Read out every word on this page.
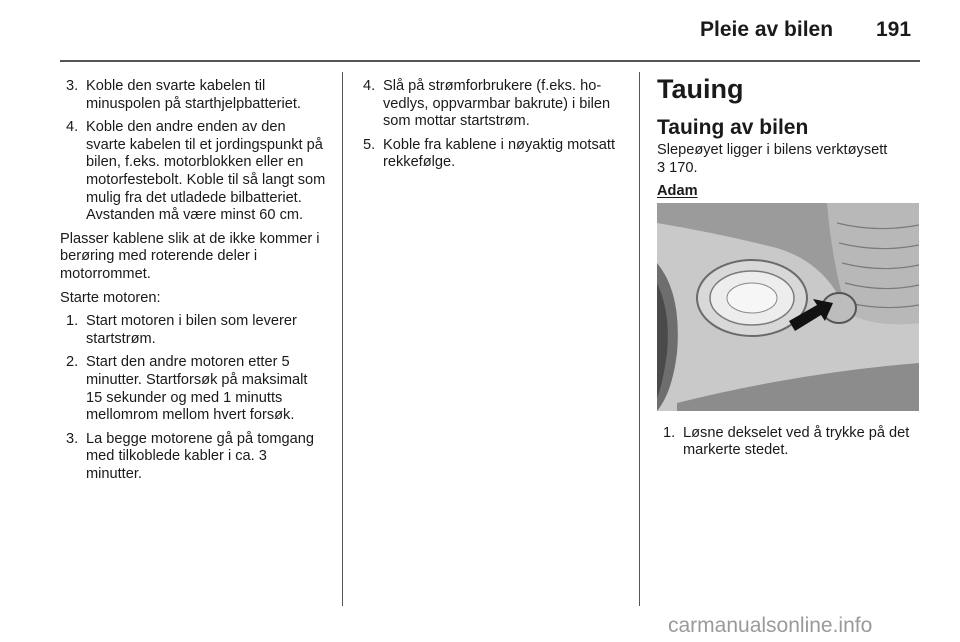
Pleie av bilen 191
3. Koble den svarte kabelen til minuspolen på starthjelpbatteriet.
4. Koble den andre enden av den svarte kabelen til et jordingspunkt på bilen, f.eks. motorblokken eller en motorfestebolt. Koble til så langt som mulig fra det utladede bilbatteriet. Avstanden må være minst 60 cm.
Plasser kablene slik at de ikke kommer i berøring med roterende deler i motorrommet.
Starte motoren:
1. Start motoren i bilen som leverer startstrøm.
2. Start den andre motoren etter 5 minutter. Startforsøk på maksimalt 15 sekunder og med 1 minutts mellomrom mellom hvert forsøk.
3. La begge motorene gå på tomgang med tilkoblede kabler i ca. 3 minutter.
4. Slå på strømforbrukere (f.eks. hovedlys, oppvarmbar bakrute) i bilen som mottar startstrøm.
5. Koble fra kablene i nøyaktig motsatt rekkefølge.
Tauing
Tauing av bilen
Slepeøyet ligger i bilens verktøysett
3 170.
Adam
1. Løsne dekselet ved å trykke på det markerte stedet.
carmanualsonline.info
